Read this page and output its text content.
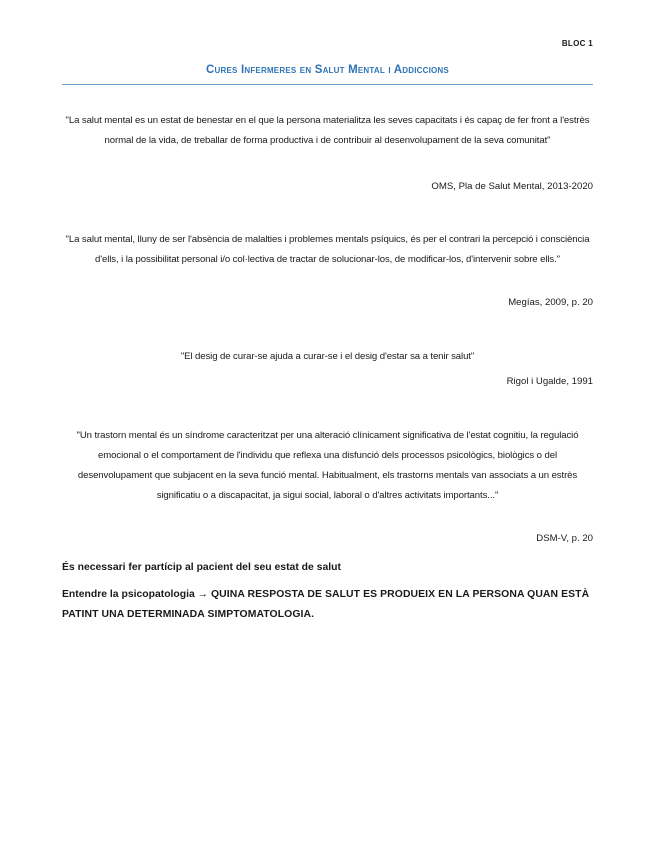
BLOC 1
Cures Infermeres en Salut Mental i Addiccions
"La salut mental es un estat de benestar en el que la persona materialitza les seves capacitats i és capaç de fer front a l'estrès normal de la vida, de treballar de forma productiva i de contribuir al desenvolupament de la seva comunitat"
OMS, Pla de Salut Mental, 2013-2020
"La salut mental, lluny de ser l'absència de malalties i problemes mentals psíquics, és per el contrari la percepció i consciència d'ells, i la possibilitat personal i/o col·lectiva de tractar de solucionar-los, de modificar-los, d'intervenir sobre ells."
Megías, 2009, p. 20
"El desig de curar-se ajuda a curar-se i el desig d'estar sa a tenir salut"
Rigol i Ugalde, 1991
"Un trastorn mental és un síndrome caracteritzat per una alteració clínicament significativa de l'estat cognitiu, la regulació emocional o el comportament de l'individu que reflexa una disfunció dels processos psicològics, biològics o del desenvolupament que subjacent en la seva funció mental. Habitualment, els trastorns mentals van associats a un estrès significatiu o a discapacitat, ja sigui social, laboral o d'altres activitats importants..."
DSM-V, p. 20
És necessari fer partícip al pacient del seu estat de salut
Entendre la psicopatologia → QUINA RESPOSTA DE SALUT ES PRODUEIX EN LA PERSONA QUAN ESTÀ PATINT UNA DETERMINADA SIMPTOMATOLOGIA.
